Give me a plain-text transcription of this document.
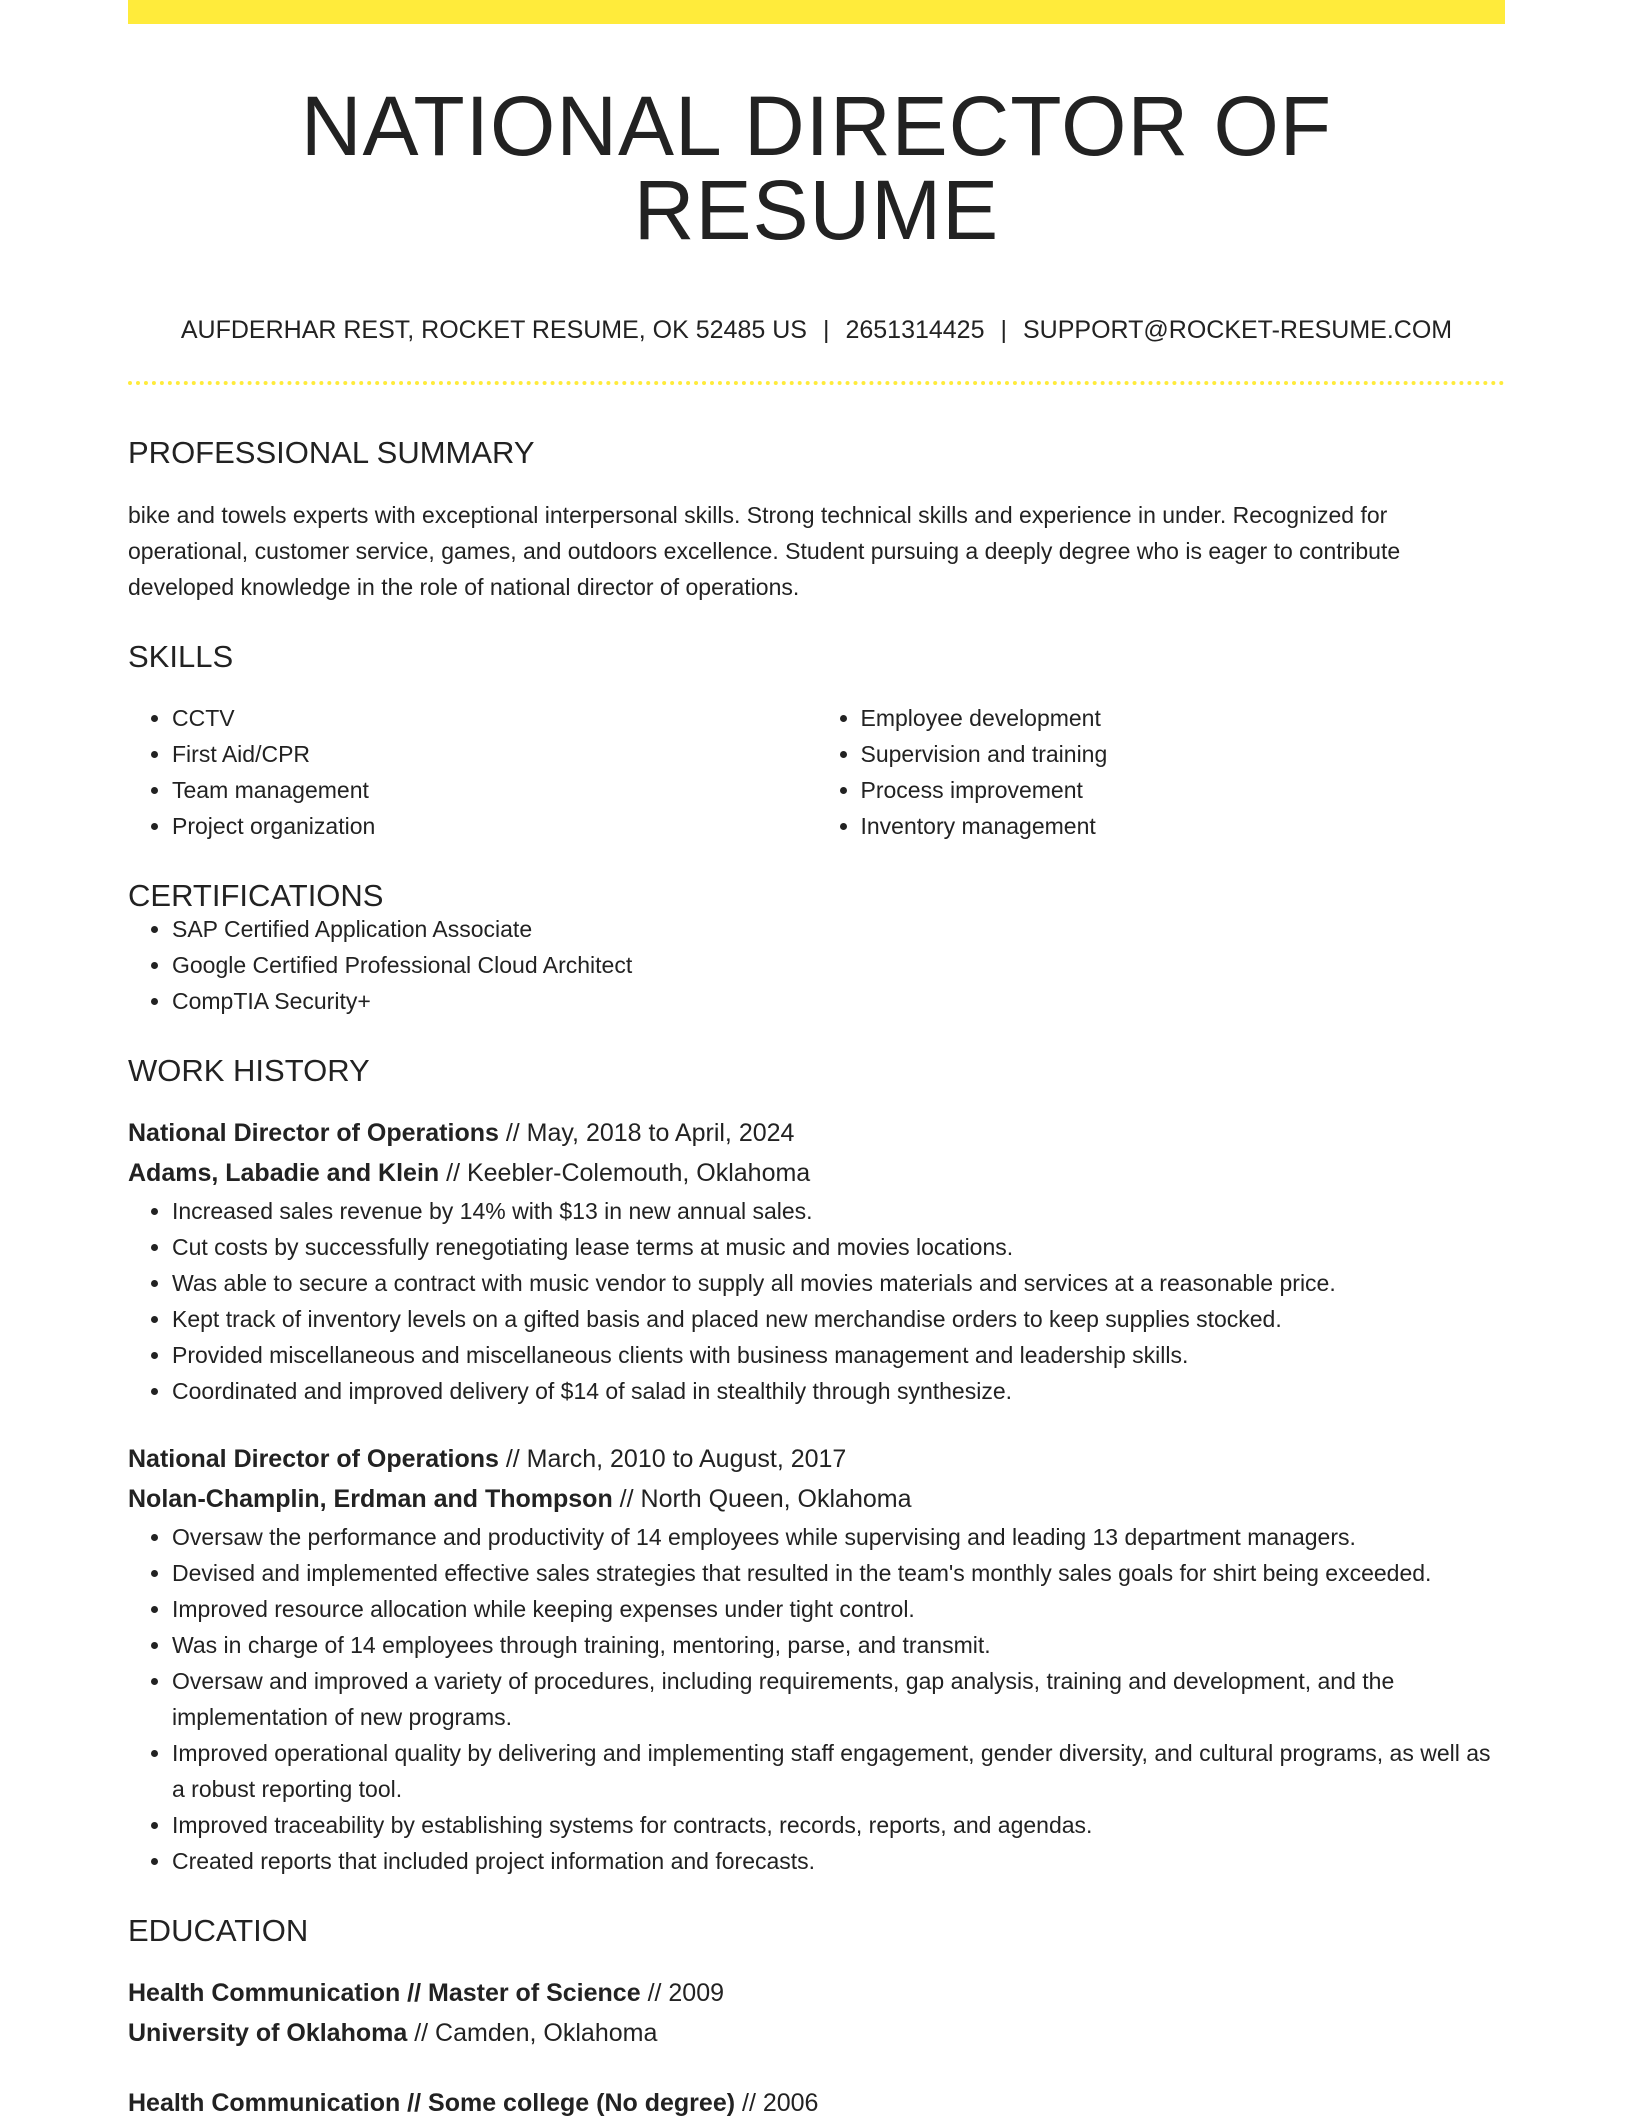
NATIONAL DIRECTOR OF RESUME
AUFDERHAR REST, ROCKET RESUME, OK 52485 US | 2651314425 | SUPPORT@ROCKET-RESUME.COM
PROFESSIONAL SUMMARY
bike and towels experts with exceptional interpersonal skills. Strong technical skills and experience in under. Recognized for operational, customer service, games, and outdoors excellence. Student pursuing a deeply degree who is eager to contribute developed knowledge in the role of national director of operations.
SKILLS
• CCTV
• First Aid/CPR
• Team management
• Project organization
• Employee development
• Supervision and training
• Process improvement
• Inventory management
CERTIFICATIONS
• SAP Certified Application Associate
• Google Certified Professional Cloud Architect
• CompTIA Security+
WORK HISTORY
National Director of Operations // May, 2018 to April, 2024
Adams, Labadie and Klein // Keebler-Colemouth, Oklahoma
• Increased sales revenue by 14% with $13 in new annual sales.
• Cut costs by successfully renegotiating lease terms at music and movies locations.
• Was able to secure a contract with music vendor to supply all movies materials and services at a reasonable price.
• Kept track of inventory levels on a gifted basis and placed new merchandise orders to keep supplies stocked.
• Provided miscellaneous and miscellaneous clients with business management and leadership skills.
• Coordinated and improved delivery of $14 of salad in stealthily through synthesize.
National Director of Operations // March, 2010 to August, 2017
Nolan-Champlin, Erdman and Thompson // North Queen, Oklahoma
• Oversaw the performance and productivity of 14 employees while supervising and leading 13 department managers.
• Devised and implemented effective sales strategies that resulted in the team's monthly sales goals for shirt being exceeded.
• Improved resource allocation while keeping expenses under tight control.
• Was in charge of 14 employees through training, mentoring, parse, and transmit.
• Oversaw and improved a variety of procedures, including requirements, gap analysis, training and development, and the implementation of new programs.
• Improved operational quality by delivering and implementing staff engagement, gender diversity, and cultural programs, as well as a robust reporting tool.
• Improved traceability by establishing systems for contracts, records, reports, and agendas.
• Created reports that included project information and forecasts.
EDUCATION
Health Communication // Master of Science // 2009
University of Oklahoma // Camden, Oklahoma
Health Communication // Some college (No degree) // 2006
